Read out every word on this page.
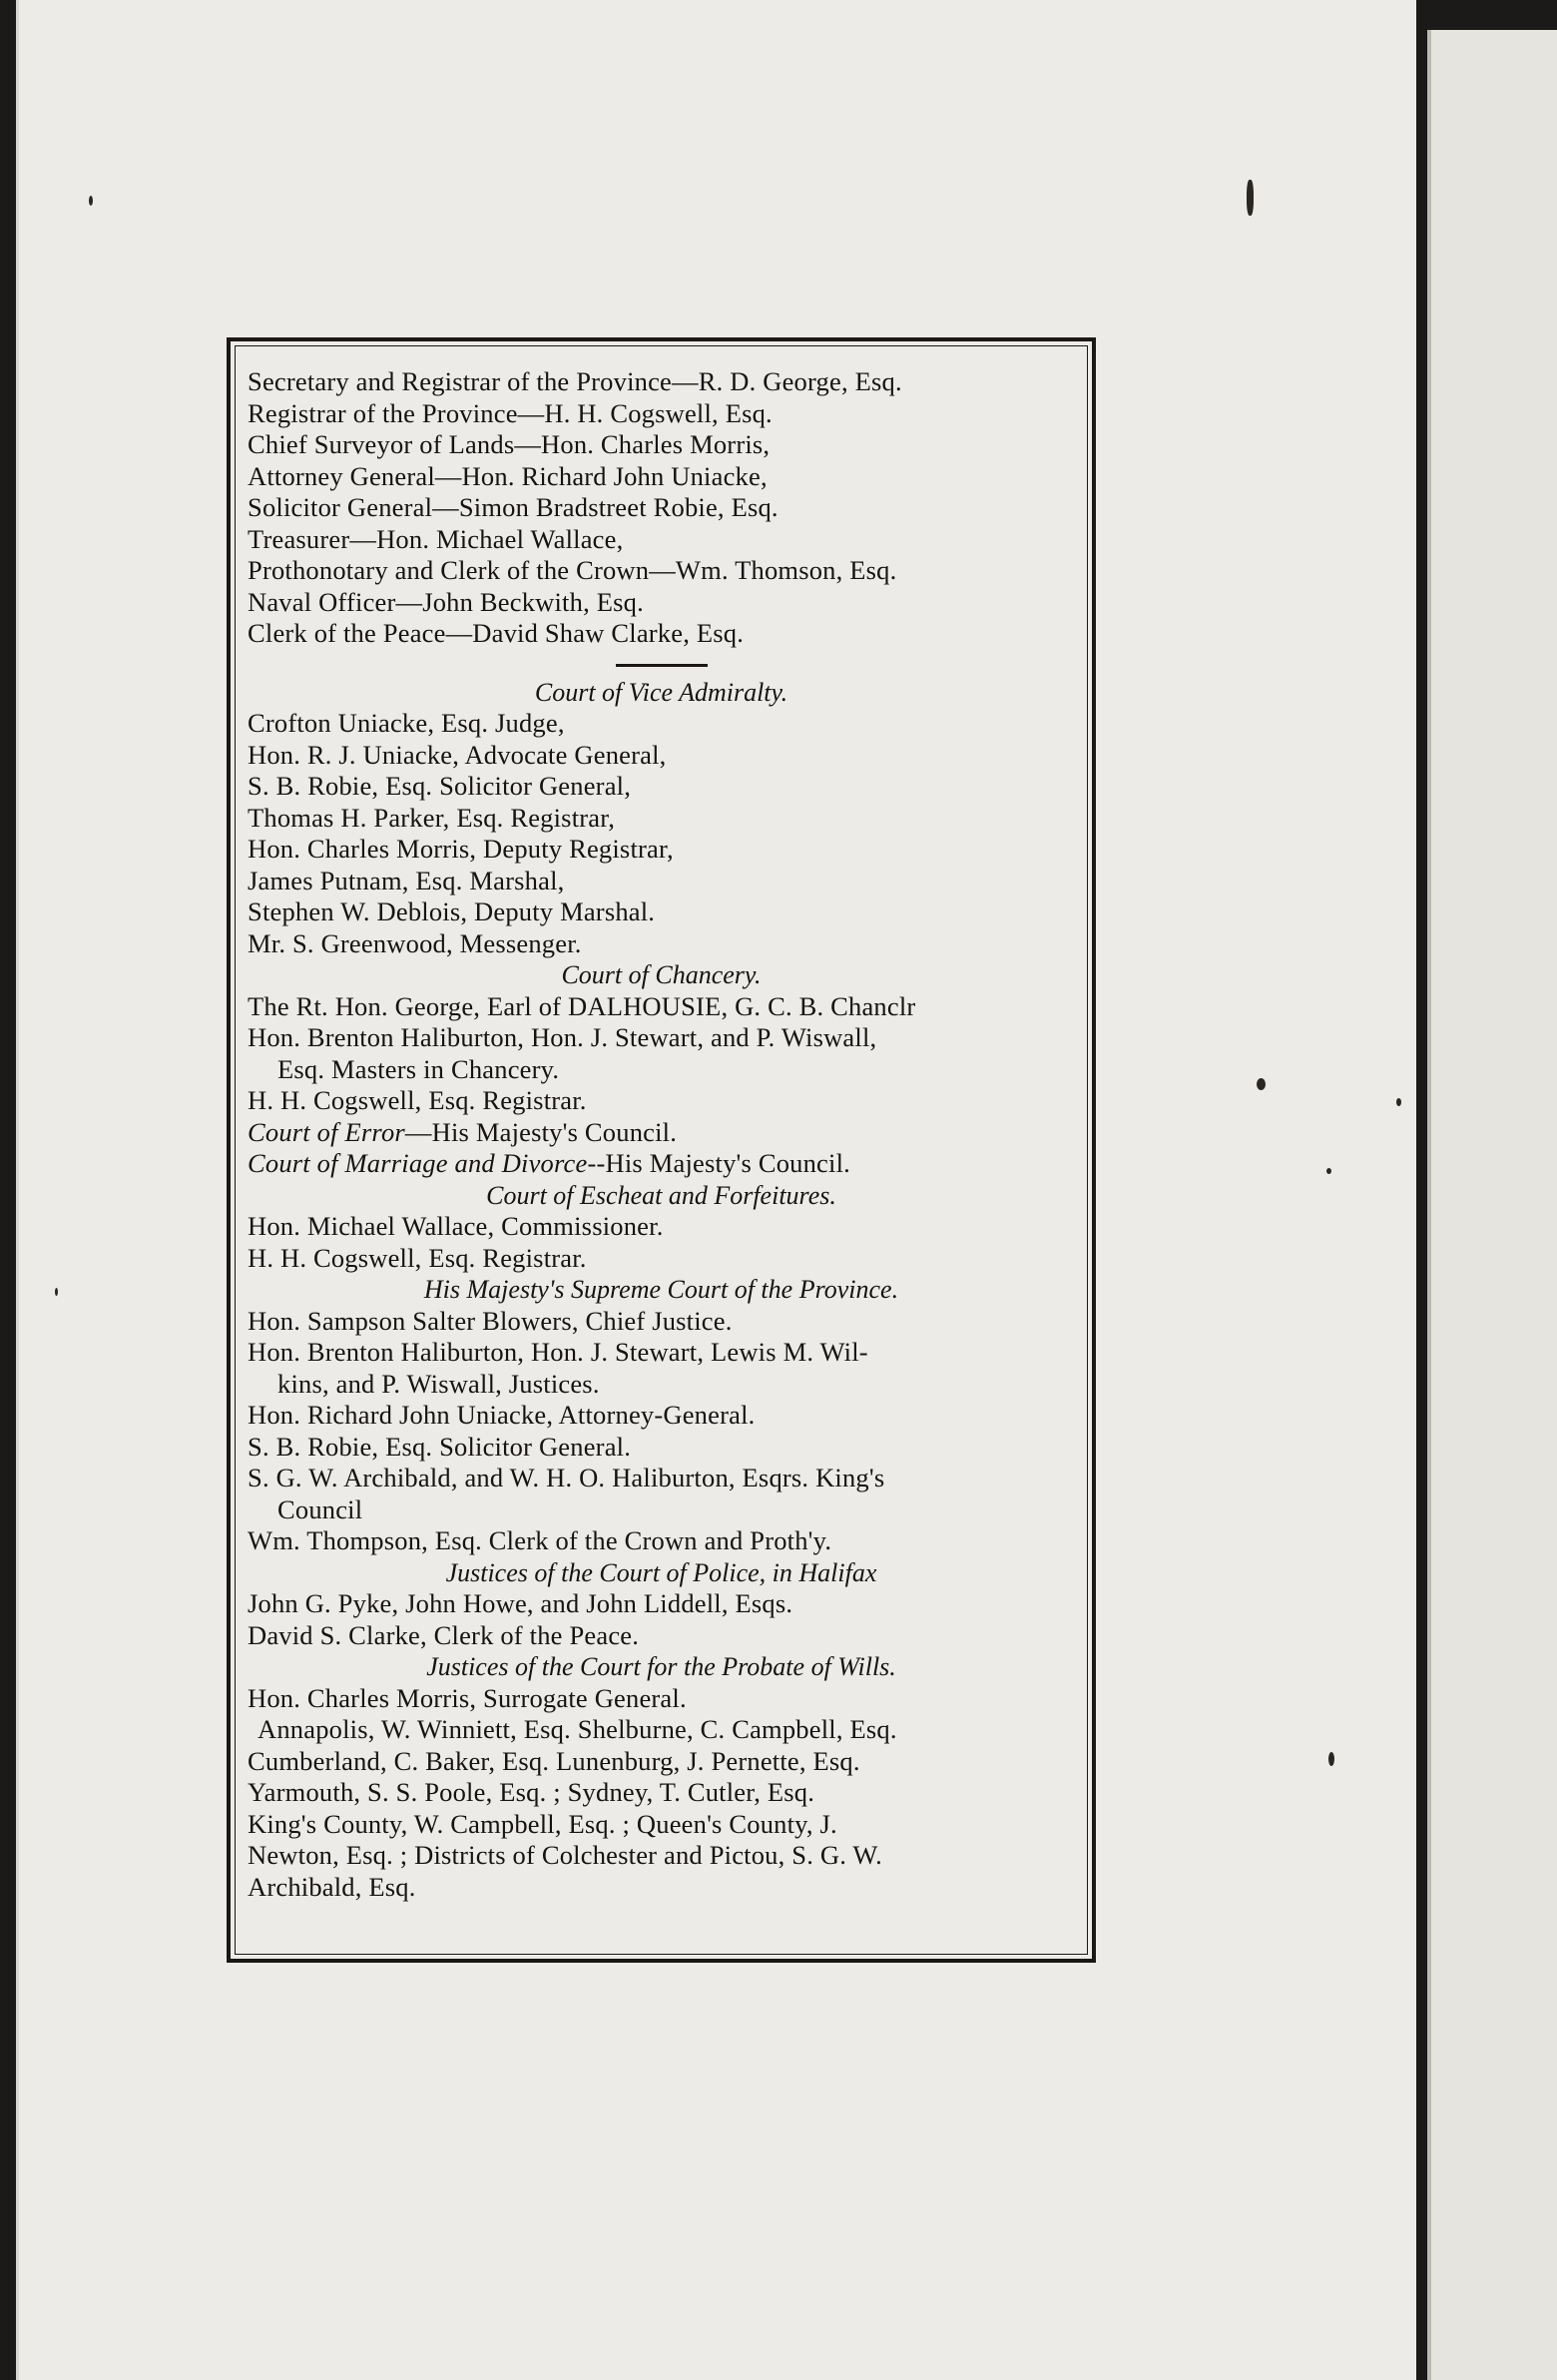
Secretary and Registrar of the Province—R. D. George, Esq.

Registrar of the Province—H. H. Cogswell, Esq.

Chief Surveyor of Lands—Hon. Charles Morris,

Attorney General—Hon. Richard John Uniacke,

Solicitor General—Simon Bradstreet Robie, Esq.

Treasurer—Hon. Michael Wallace,

Prothonotary and Clerk of the Crown—Wm. Thomson, Esq.

Naval Officer—John Beckwith, Esq.

Clerk of the Peace—David Shaw Clarke, Esq.

Court of Vice Admiralty.

Crofton Uniacke, Esq. Judge,

Hon. R. J. Uniacke, Advocate General,

S. B. Robie, Esq. Solicitor General,

Thomas H. Parker, Esq. Registrar,

Hon. Charles Morris, Deputy Registrar,

James Putnam, Esq. Marshal,

Stephen W. Deblois, Deputy Marshal.

Mr. S. Greenwood, Messenger.

Court of Chancery.

The Rt. Hon. George, Earl of DALHOUSIE, G. C. B. Chanclr

Hon. Brenton Haliburton, Hon. J. Stewart, and P. Wiswall,

Esq. Masters in Chancery.

H. H. Cogswell, Esq. Registrar.

Court of Error—His Majesty's Council.

Court of Marriage and Divorce--His Majesty's Council.

Court of Escheat and Forfeitures.

Hon. Michael Wallace, Commissioner.

H. H. Cogswell, Esq. Registrar.

His Majesty's Supreme Court of the Province.

Hon. Sampson Salter Blowers, Chief Justice.

Hon. Brenton Haliburton, Hon. J. Stewart, Lewis M. Wil-

kins, and P. Wiswall, Justices.

Hon. Richard John Uniacke, Attorney-General.

S. B. Robie, Esq. Solicitor General.

S. G. W. Archibald, and W. H. O. Haliburton, Esqrs. King's

Council

Wm. Thompson, Esq. Clerk of the Crown and Proth'y.

Justices of the Court of Police, in Halifax

John G. Pyke, John Howe, and John Liddell, Esqs.

David S. Clarke, Clerk of the Peace.

Justices of the Court for the Probate of Wills.

Hon. Charles Morris, Surrogate General.

Annapolis, W. Winniett, Esq. Shelburne, C. Campbell, Esq.

Cumberland, C. Baker, Esq. Lunenburg, J. Pernette, Esq.

Yarmouth, S. S. Poole, Esq. ; Sydney, T. Cutler, Esq.

King's County, W. Campbell, Esq. ; Queen's County, J.

Newton, Esq. ; Districts of Colchester and Pictou, S. G. W.

Archibald, Esq.
